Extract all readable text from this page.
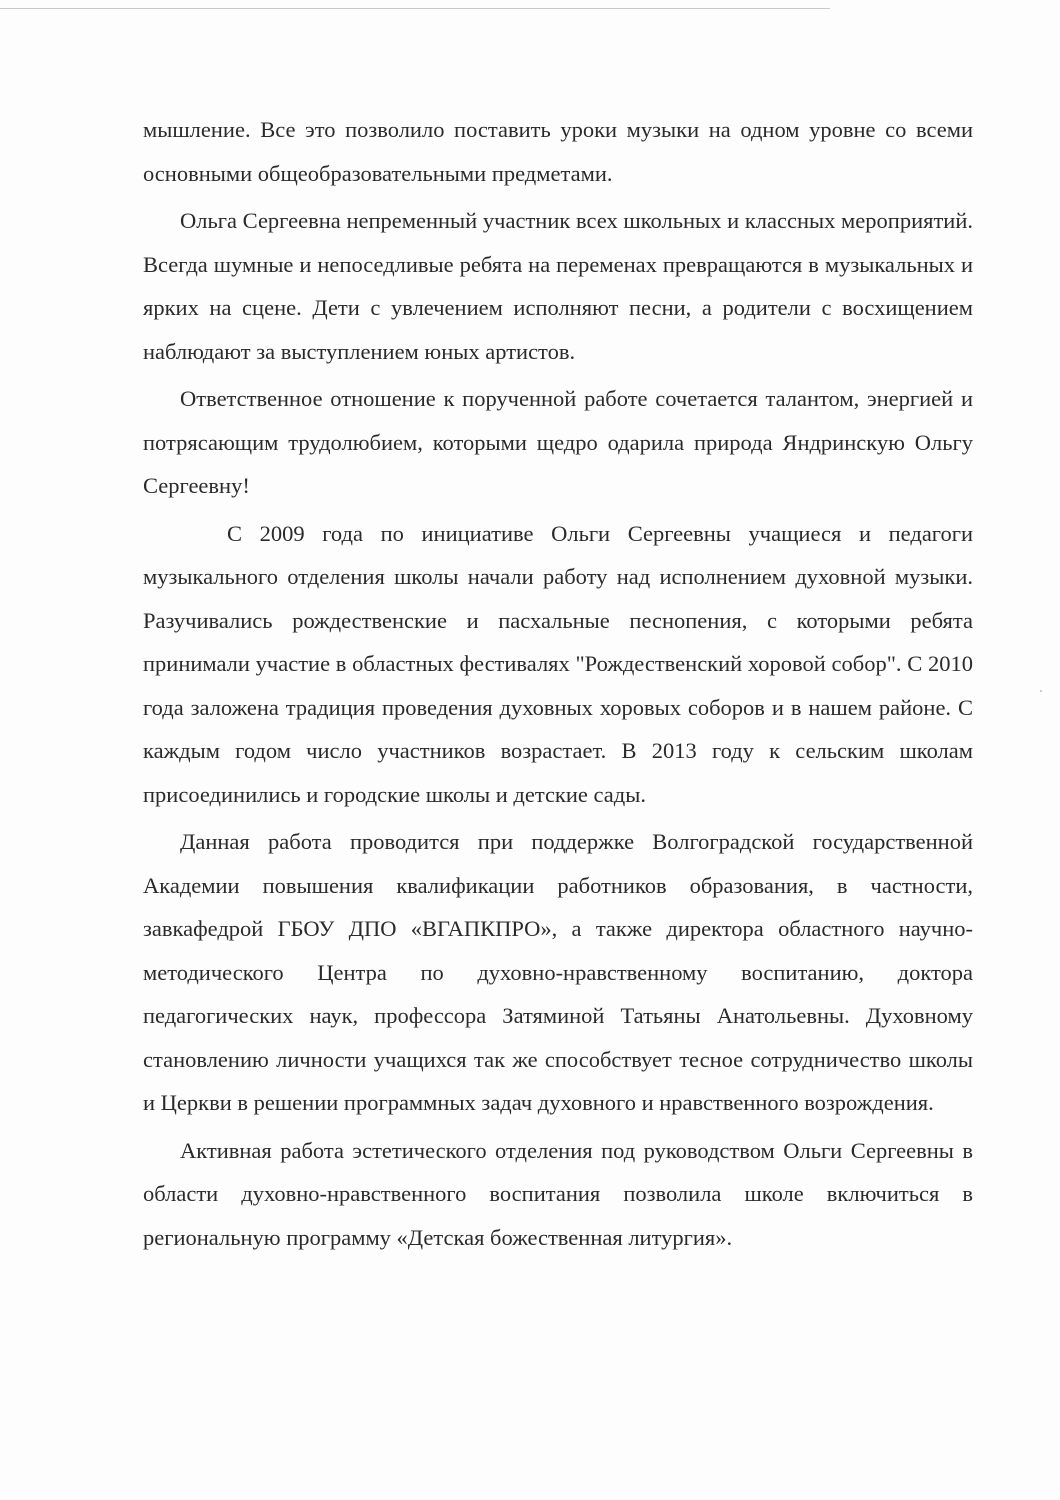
мышление. Все это позволило поставить уроки музыки на одном уровне со всеми основными общеобразовательными предметами.

Ольга Сергеевна непременный участник всех школьных и классных мероприятий. Всегда шумные и непоседливые ребята на переменах превращаются в музыкальных и ярких на сцене. Дети с увлечением исполняют песни, а родители с восхищением наблюдают за выступлением юных артистов.

Ответственное отношение к порученной работе сочетается талантом, энергией и потрясающим трудолюбием, которыми щедро одарила природа Яндринскую Ольгу Сергеевну!

С 2009 года по инициативе Ольги Сергеевны учащиеся и педагоги музыкального отделения школы начали работу над исполнением духовной музыки. Разучивались рождественские и пасхальные песнопения, с которыми ребята принимали участие в областных фестивалях "Рождественский хоровой собор". С 2010 года заложена традиция проведения духовных хоровых соборов и в нашем районе. С каждым годом число участников возрастает. В 2013 году к сельским школам присоединились и городские школы и детские сады.

Данная работа проводится при поддержке Волгоградской государственной Академии повышения квалификации работников образования, в частности, завкафедрой ГБОУ ДПО «ВГАПКПРО», а также директора областного научно-методического Центра по духовно-нравственному воспитанию, доктора педагогических наук, профессора Затяминой Татьяны Анатольевны. Духовному становлению личности учащихся так же способствует тесное сотрудничество школы и Церкви в решении программных задач духовного и нравственного возрождения.

Активная работа эстетического отделения под руководством Ольги Сергеевны в области духовно-нравственного воспитания позволила школе включиться в региональную программу «Детская божественная литургия».
